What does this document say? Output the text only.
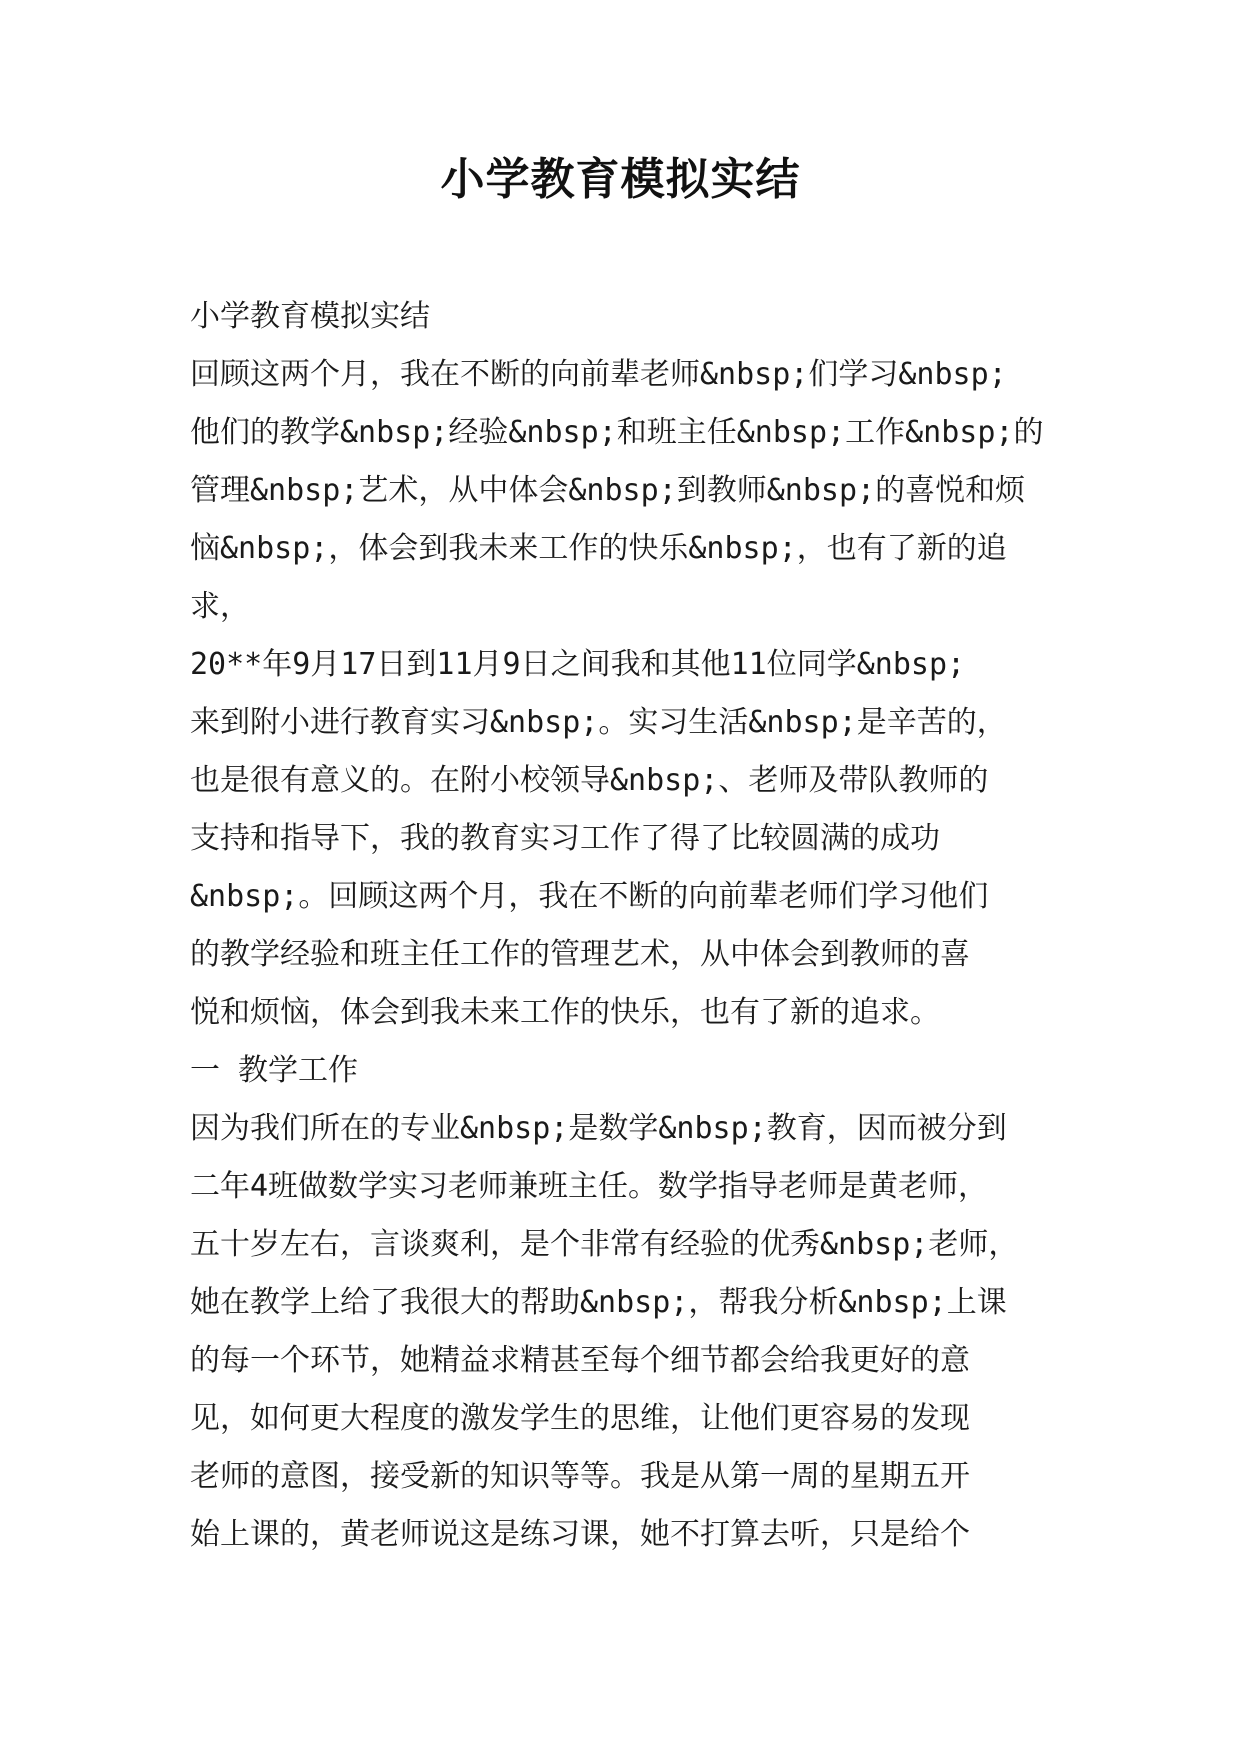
小学教育模拟实结
小学教育模拟实结
回顾这两个月，我在不断的向前辈老师&nbsp;们学习&nbsp;
他们的教学&nbsp;经验&nbsp;和班主任&nbsp;工作&nbsp;的
管理&nbsp;艺术，从中体会&nbsp;到教师&nbsp;的喜悦和烦
恼&nbsp;，体会到我未来工作的快乐&nbsp;，也有了新的追
求，
20**年9月17日到11月9日之间我和其他11位同学&nbsp;
来到附小进行教育实习&nbsp;。实习生活&nbsp;是辛苦的，
也是很有意义的。在附小校领导&nbsp;、老师及带队教师的
支持和指导下，我的教育实习工作了得了比较圆满的成功
&nbsp;。回顾这两个月，我在不断的向前辈老师们学习他们
的教学经验和班主任工作的管理艺术，从中体会到教师的喜
悦和烦恼，体会到我未来工作的快乐，也有了新的追求。
一 教学工作
因为我们所在的专业&nbsp;是数学&nbsp;教育，因而被分到
二年4班做数学实习老师兼班主任。数学指导老师是黄老师，
五十岁左右，言谈爽利，是个非常有经验的优秀&nbsp;老师，
她在教学上给了我很大的帮助&nbsp;，帮我分析&nbsp;上课
的每一个环节，她精益求精甚至每个细节都会给我更好的意
见，如何更大程度的激发学生的思维，让他们更容易的发现
老师的意图，接受新的知识等等。我是从第一周的星期五开
始上课的，黄老师说这是练习课，她不打算去听，只是给个
